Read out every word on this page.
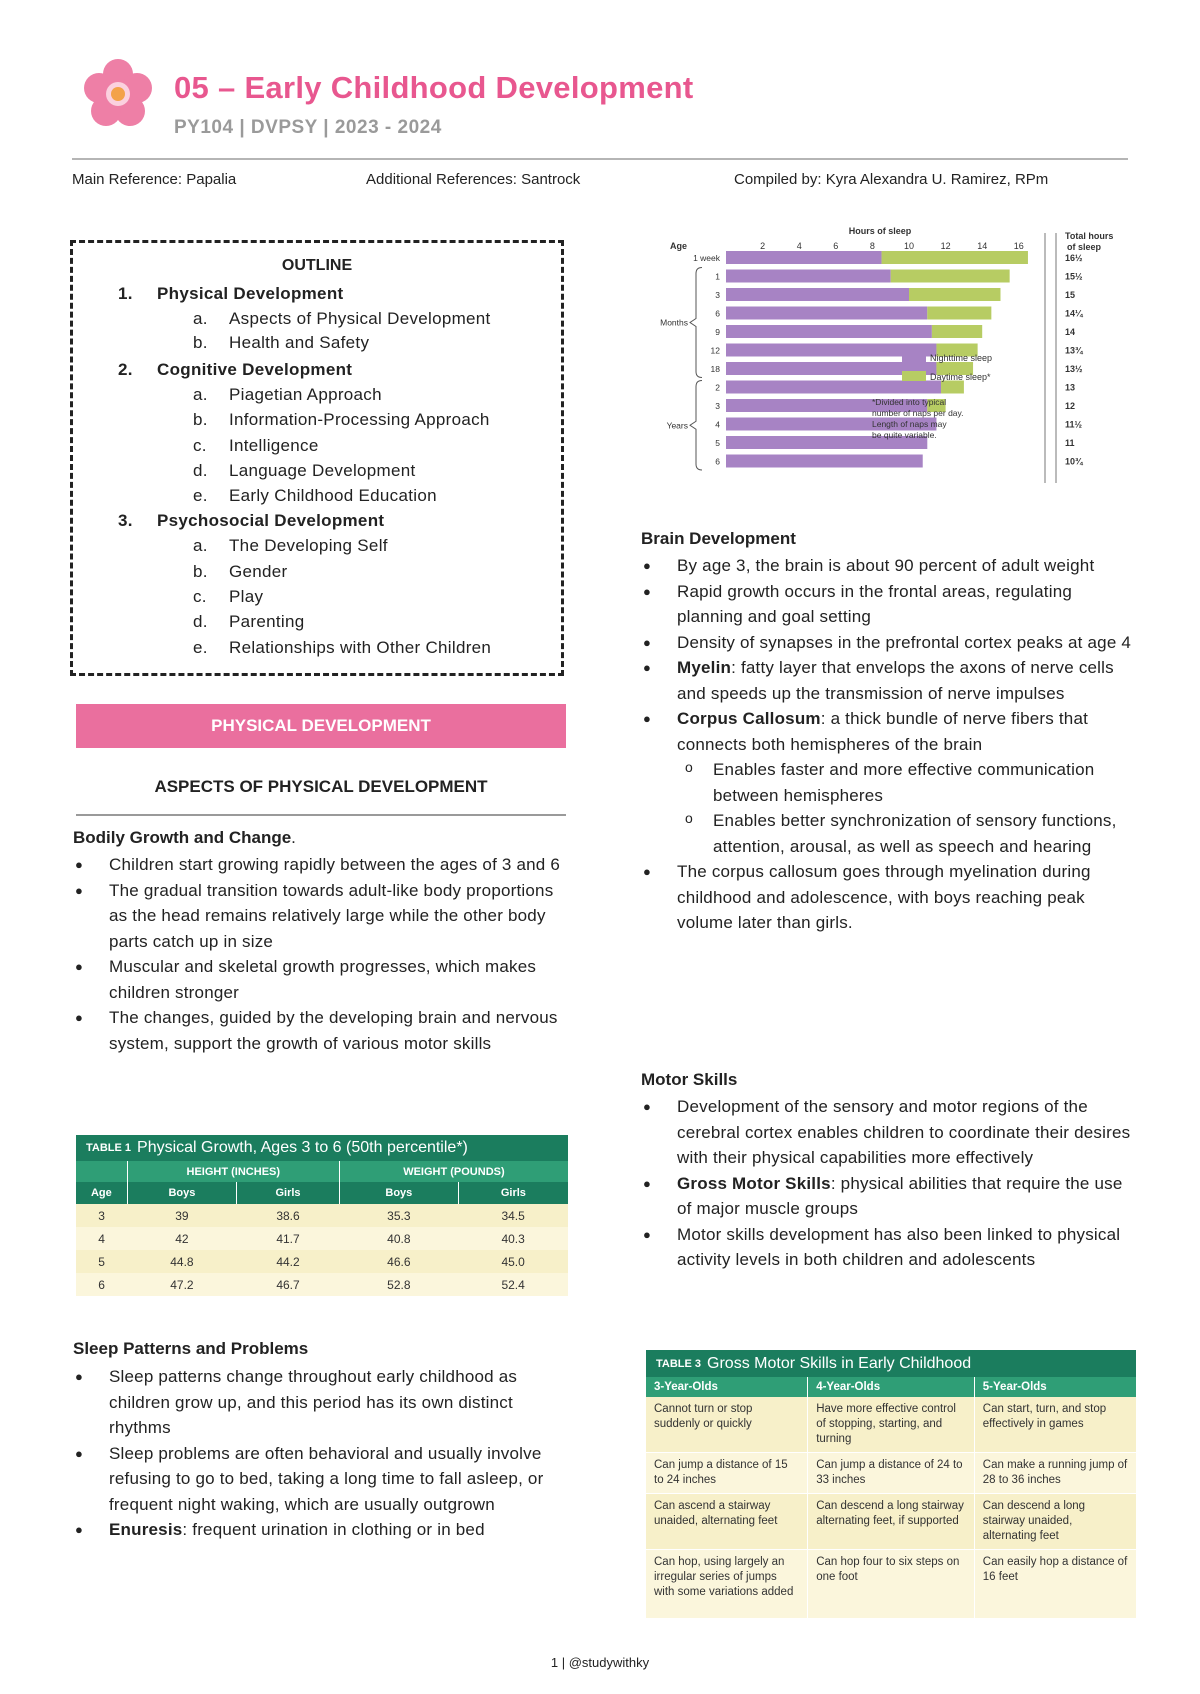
05 – Early Childhood Development
PY104 | DVPSY | 2023 - 2024
Main Reference: Papalia	Additional References: Santrock	Compiled by: Kyra Alexandra U. Ramirez, RPm
OUTLINE
1. Physical Development
a. Aspects of Physical Development
b. Health and Safety
2. Cognitive Development
a. Piagetian Approach
b. Information-Processing Approach
c. Intelligence
d. Language Development
e. Early Childhood Education
3. Psychosocial Development
a. The Developing Self
b. Gender
c. Play
d. Parenting
e. Relationships with Other Children
PHYSICAL DEVELOPMENT
ASPECTS OF PHYSICAL DEVELOPMENT
Bodily Growth and Change.
● Children start growing rapidly between the ages of 3 and 6
● The gradual transition towards adult-like body proportions as the head remains relatively large while the other body parts catch up in size
● Muscular and skeletal growth progresses, which makes children stronger
● The changes, guided by the developing brain and nervous system, support the growth of various motor skills
TABLE 1 Physical Growth, Ages 3 to 6 (50th percentile*)
	HEIGHT (INCHES)		WEIGHT (POUNDS)	
Age	Boys	Girls	Boys	Girls
3	39	38.6	35.3	34.5
4	42	41.7	40.8	40.3
5	44.8	44.2	46.6	45.0
6	47.2	46.7	52.8	52.4
Sleep Patterns and Problems
● Sleep patterns change throughout early childhood as children grow up, and this period has its own distinct rhythms
● Sleep problems are often behavioral and usually involve refusing to go to bed, taking a long time to fall asleep, or frequent night waking, which are usually outgrown
● Enuresis: frequent urination in clothing or in bed
Hours of sleep
Age
Total hours
of sleep
2	4	6	8	10	12	14	16
1 week	16½
1	15½
3	15
6	14¼
9	14
12	13¾
18	13½
2	13
3	12
4	11½
5	11
6	10¾
Months
Years
Nighttime sleep
Daytime sleep*
*Divided into typical
number of naps per day.
Length of naps may
be quite variable.
Brain Development
● By age 3, the brain is about 90 percent of adult weight
● Rapid growth occurs in the frontal areas, regulating planning and goal setting
● Density of synapses in the prefrontal cortex peaks at age 4
● Myelin: fatty layer that envelops the axons of nerve cells and speeds up the transmission of nerve impulses
● Corpus Callosum: a thick bundle of nerve fibers that connects both hemispheres of the brain
o Enables faster and more effective communication between hemispheres
o Enables better synchronization of sensory functions, attention, arousal, as well as speech and hearing
● The corpus callosum goes through myelination during childhood and adolescence, with boys reaching peak volume later than girls.
Motor Skills
● Development of the sensory and motor regions of the cerebral cortex enables children to coordinate their desires with their physical capabilities more effectively
● Gross Motor Skills: physical abilities that require the use of major muscle groups
● Motor skills development has also been linked to physical activity levels in both children and adolescents
TABLE 3 Gross Motor Skills in Early Childhood
3-Year-Olds	4-Year-Olds	5-Year-Olds
Cannot turn or stop suddenly or quickly	Have more effective control of stopping, starting, and turning	Can start, turn, and stop effectively in games
Can jump a distance of 15 to 24 inches	Can jump a distance of 24 to 33 inches	Can make a running jump of 28 to 36 inches
Can ascend a stairway unaided, alternating feet	Can descend a long stairway alternating feet, if supported	Can descend a long stairway unaided, alternating feet
Can hop, using largely an irregular series of jumps with some variations added	Can hop four to six steps on one foot	Can easily hop a distance of 16 feet
1 | @studywithky
